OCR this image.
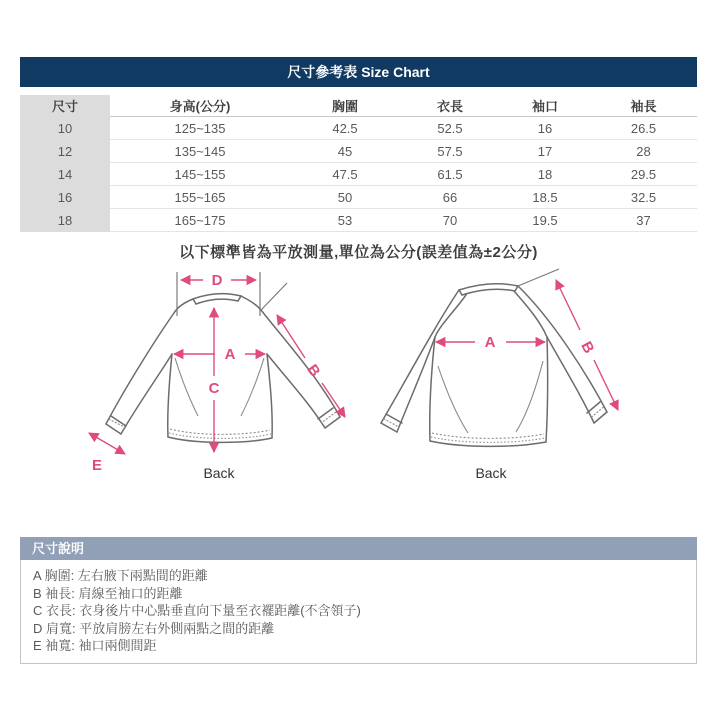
尺寸參考表 Size Chart
尺寸	身高(公分)	胸圍	衣長	袖口	袖長
10	125~135	42.5	52.5	16	26.5
12	135~145	45	57.5	17	28
14	145~155	47.5	61.5	18	29.5
16	155~165	50	66	18.5	32.5
18	165~175	53	70	19.5	37
以下標準皆為平放測量,單位為公分(誤差值為±2公分)
D
A
C
B
E	Back
A	B
Back
尺寸說明
A 胸圍: 左右腋下兩點間的距離
B 袖長: 肩線至袖口的距離
C 衣長: 衣身後片中心點垂直向下量至衣襬距離(不含領子)
D 肩寬: 平放肩膀左右外側兩點之間的距離
E 袖寬: 袖口兩側間距
